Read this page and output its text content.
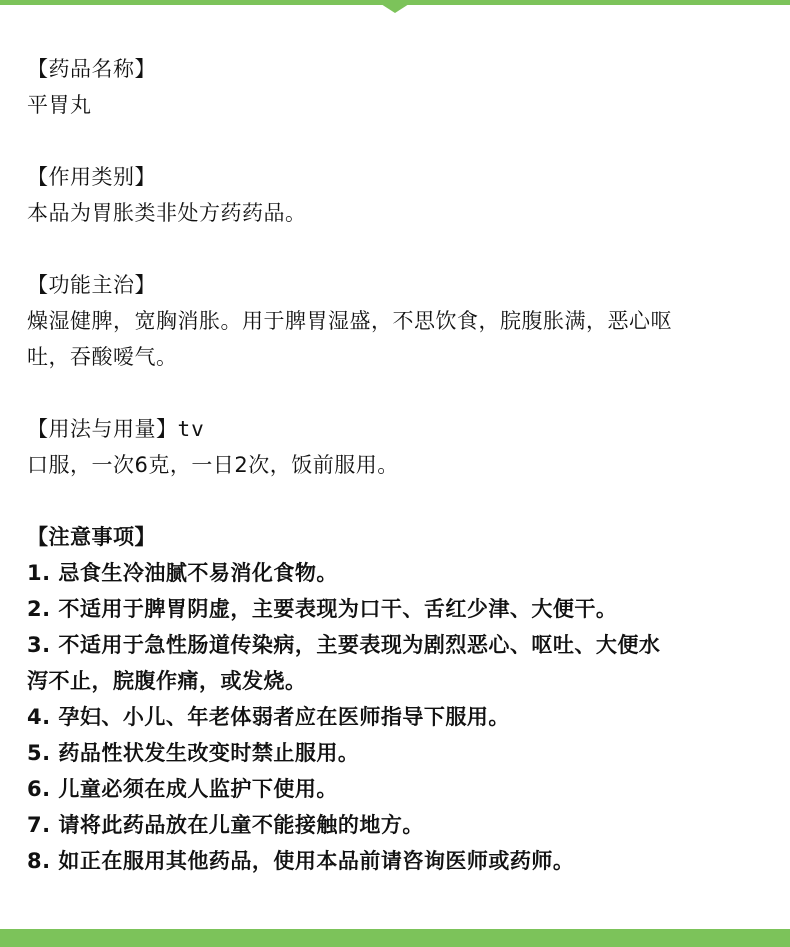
【药品名称】
平胃丸
【作用类别】
本品为胃胀类非处方药药品。
【功能主治】
燥湿健脾，宽胸消胀。用于脾胃湿盛，不思饮食，脘腹胀满，恶心呕
吐，吞酸嗳气。
【用法与用量】tv
口服，一次6克，一日2次，饭前服用。
【注意事项】
1. 忌食生冷油腻不易消化食物。
2. 不适用于脾胃阴虚，主要表现为口干、舌红少津、大便干。
3. 不适用于急性肠道传染病，主要表现为剧烈恶心、呕吐、大便水
泻不止，脘腹作痛，或发烧。
4. 孕妇、小儿、年老体弱者应在医师指导下服用。
5. 药品性状发生改变时禁止服用。
6. 儿童必须在成人监护下使用。
7. 请将此药品放在儿童不能接触的地方。
8. 如正在服用其他药品，使用本品前请咨询医师或药师。
